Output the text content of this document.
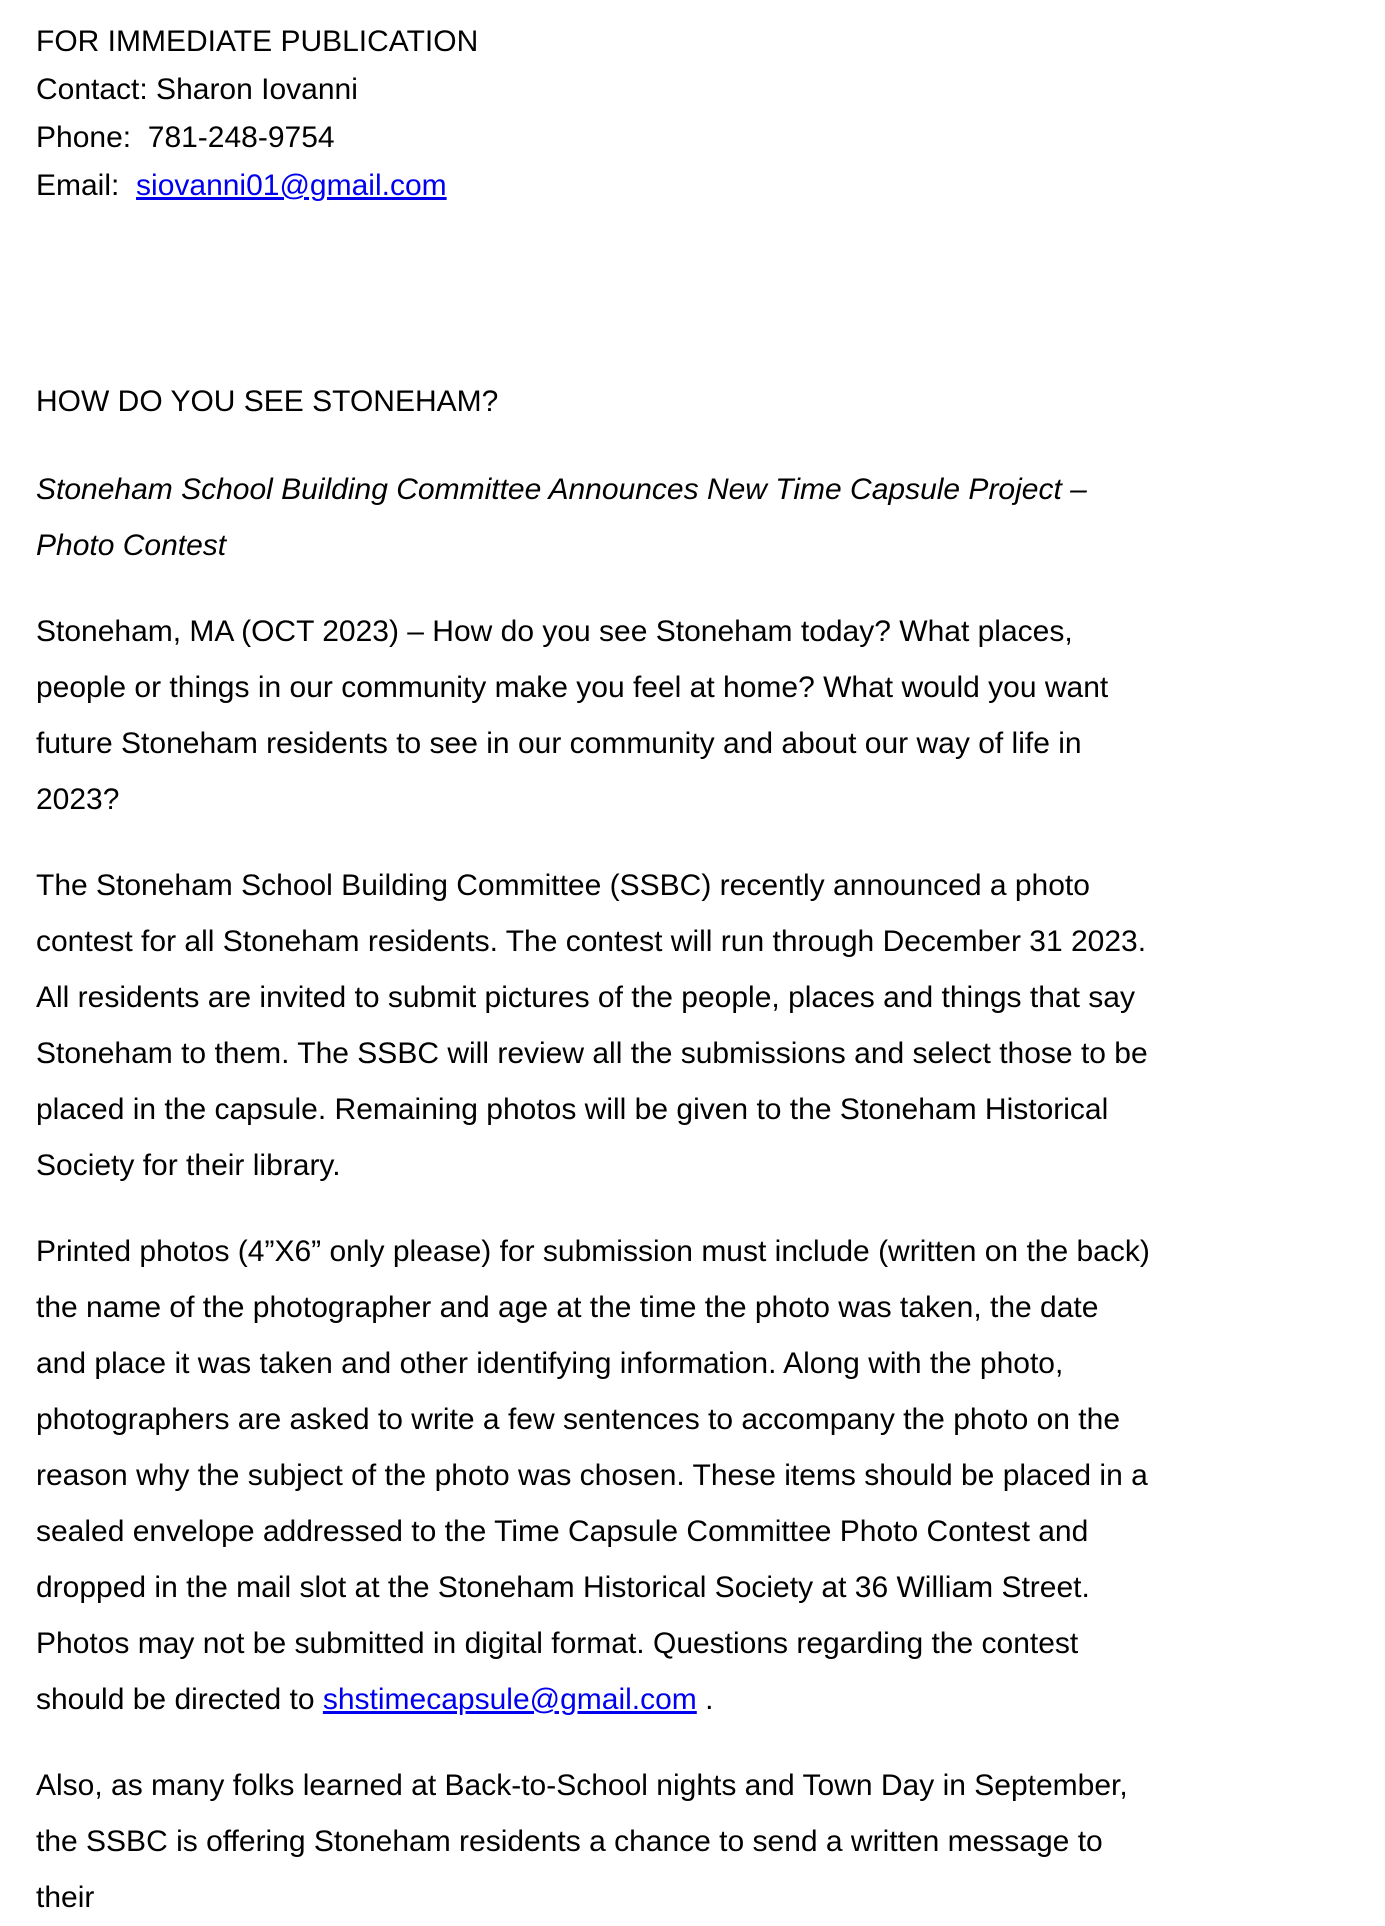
FOR IMMEDIATE PUBLICATION
Contact: Sharon Iovanni
Phone:  781-248-9754
Email:  siovanni01@gmail.com
HOW DO YOU SEE STONEHAM?

Stoneham School Building Committee Announces New Time Capsule Project – Photo Contest

Stoneham, MA (OCT 2023) – How do you see Stoneham today? What places, people or things in our community make you feel at home? What would you want future Stoneham residents to see in our community and about our way of life in 2023?

The Stoneham School Building Committee (SSBC) recently announced a photo contest for all Stoneham residents. The contest will run through December 31 2023. All residents are invited to submit pictures of the people, places and things that say Stoneham to them. The SSBC will review all the submissions and select those to be placed in the capsule. Remaining photos will be given to the Stoneham Historical Society for their library.

Printed photos (4”X6” only please) for submission must include (written on the back) the name of the photographer and age at the time the photo was taken, the date and place it was taken and other identifying information. Along with the photo, photographers are asked to write a few sentences to accompany the photo on the reason why the subject of the photo was chosen. These items should be placed in a sealed envelope addressed to the Time Capsule Committee Photo Contest and dropped in the mail slot at the Stoneham Historical Society at 36 William Street. Photos may not be submitted in digital format. Questions regarding the contest should be directed to shstimecapsule@gmail.com .

Also, as many folks learned at Back-to-School nights and Town Day in September, the SSBC is offering Stoneham residents a chance to send a written message to their
